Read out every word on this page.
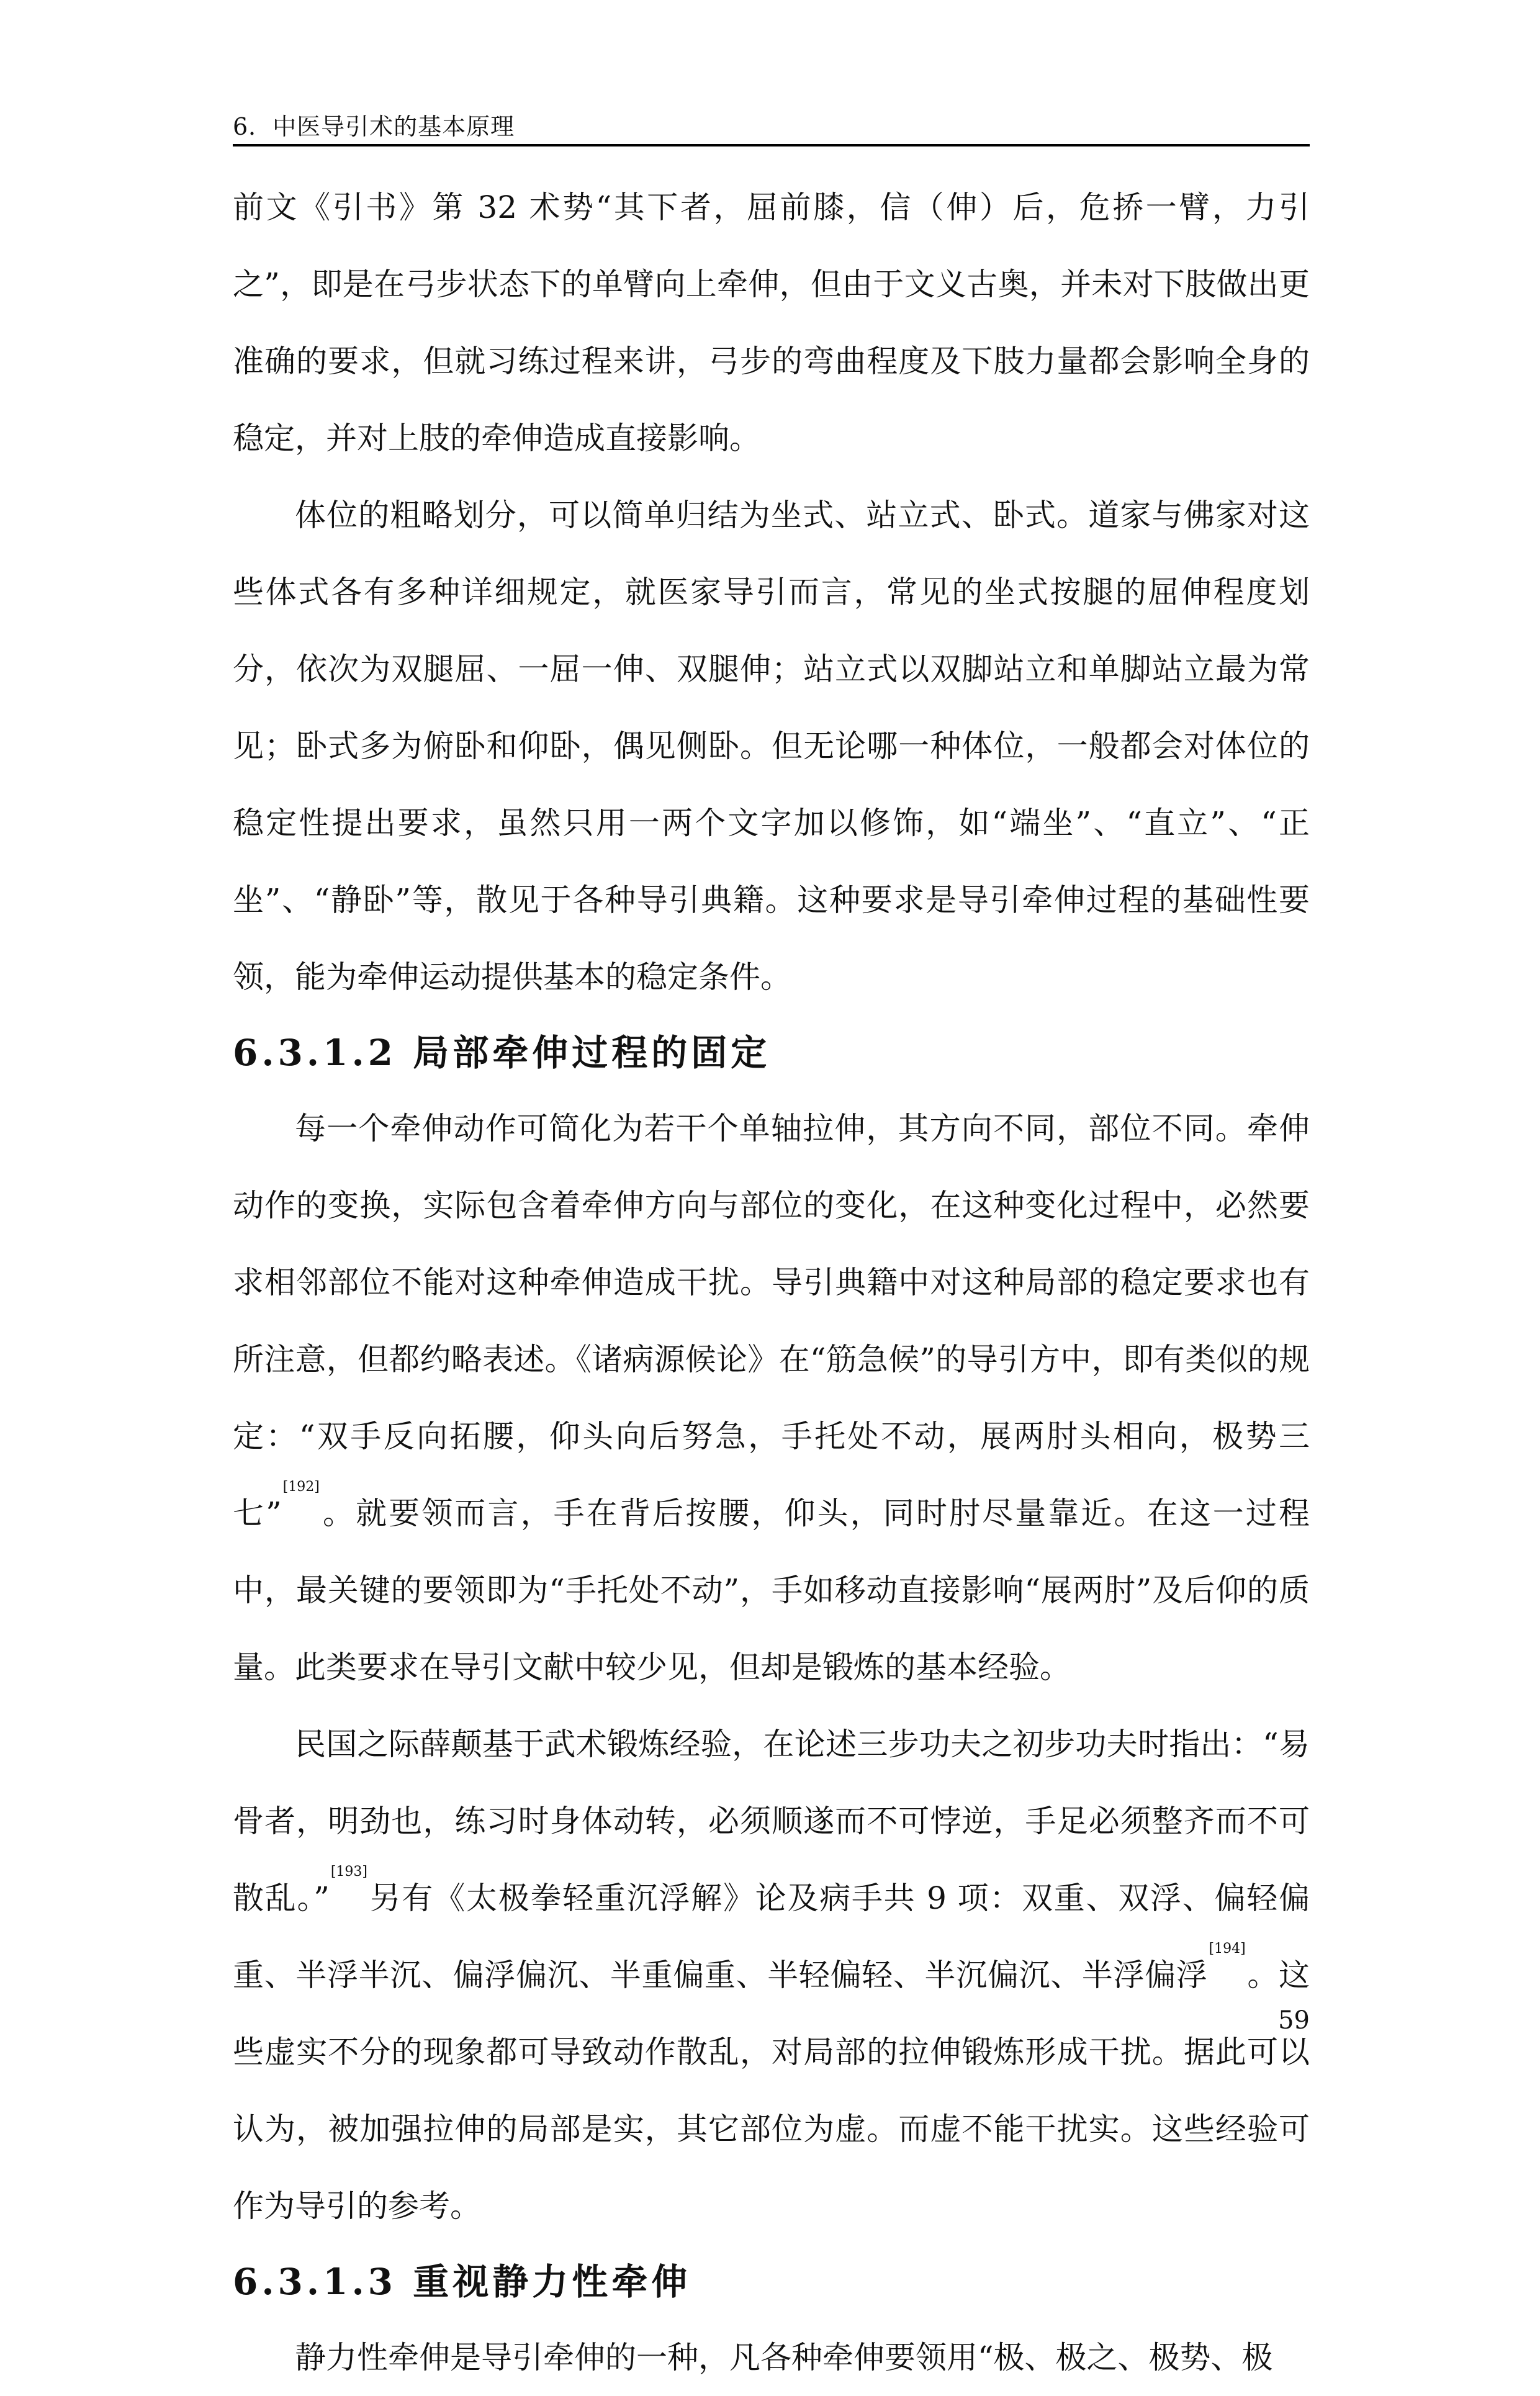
6．中医导引术的基本原理

前文《引书》第 32 术势“其下者，屈前膝，信（伸）后，危挢一臂，力引之”，即是在弓步状态下的单臂向上牵伸，但由于文义古奥，并未对下肢做出更准确的要求，但就习练过程来讲，弓步的弯曲程度及下肢力量都会影响全身的稳定，并对上肢的牵伸造成直接影响。

体位的粗略划分，可以简单归结为坐式、站立式、卧式。道家与佛家对这些体式各有多种详细规定，就医家导引而言，常见的坐式按腿的屈伸程度划分，依次为双腿屈、一屈一伸、双腿伸；站立式以双脚站立和单脚站立最为常见；卧式多为俯卧和仰卧，偶见侧卧。但无论哪一种体位，一般都会对体位的稳定性提出要求，虽然只用一两个文字加以修饰，如“端坐”、“直立”、“正坐”、“静卧”等，散见于各种导引典籍。这种要求是导引牵伸过程的基础性要领，能为牵伸运动提供基本的稳定条件。

6.3.1.2 局部牵伸过程的固定

每一个牵伸动作可简化为若干个单轴拉伸，其方向不同，部位不同。牵伸动作的变换，实际包含着牵伸方向与部位的变化，在这种变化过程中，必然要求相邻部位不能对这种牵伸造成干扰。导引典籍中对这种局部的稳定要求也有所注意，但都约略表述。《诸病源候论》在“筋急候”的导引方中，即有类似的规定：“双手反向拓腰，仰头向后努急，手托处不动，展两肘头相向，极势三七”[192]。就要领而言，手在背后按腰，仰头，同时肘尽量靠近。在这一过程中，最关键的要领即为“手托处不动”，手如移动直接影响“展两肘”及后仰的质量。此类要求在导引文献中较少见，但却是锻炼的基本经验。

民国之际薛颠基于武术锻炼经验，在论述三步功夫之初步功夫时指出：“易骨者，明劲也，练习时身体动转，必须顺遂而不可悖逆，手足必须整齐而不可散乱。”[193]另有《太极拳轻重沉浮解》论及病手共 9 项：双重、双浮、偏轻偏重、半浮半沉、偏浮偏沉、半重偏重、半轻偏轻、半沉偏沉、半浮偏浮[194]。这些虚实不分的现象都可导致动作散乱，对局部的拉伸锻炼形成干扰。据此可以认为，被加强拉伸的局部是实，其它部位为虚。而虚不能干扰实。这些经验可作为导引的参考。

6.3.1.3 重视静力性牵伸

静力性牵伸是导引牵伸的一种，凡各种牵伸要领用“极、极之、极势、极

59
